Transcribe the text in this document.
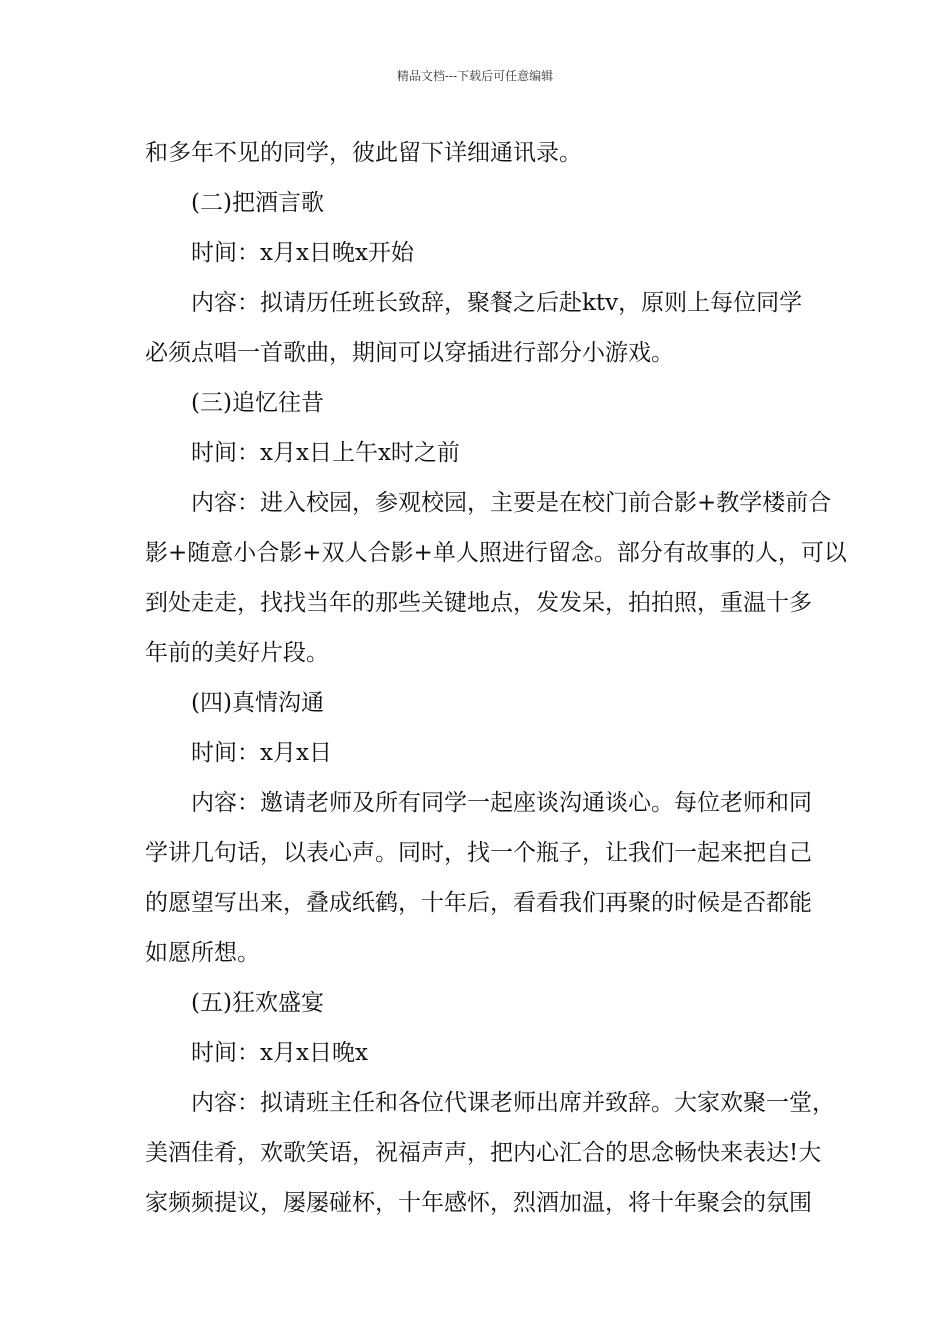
精品文档---下载后可任意编辑

和多年不见的同学，彼此留下详细通讯录。

(二)把酒言歌

时间：x月x日晚x开始

内容：拟请历任班长致辞，聚餐之后赴ktv，原则上每位同学

必须点唱一首歌曲，期间可以穿插进行部分小游戏。

(三)追忆往昔

时间：x月x日上午x时之前

内容：进入校园，参观校园，主要是在校门前合影+教学楼前合

影+随意小合影+双人合影+单人照进行留念。部分有故事的人，可以

到处走走，找找当年的那些关键地点，发发呆，拍拍照，重温十多

年前的美好片段。

(四)真情沟通

时间：x月x日

内容：邀请老师及所有同学一起座谈沟通谈心。每位老师和同

学讲几句话，以表心声。同时，找一个瓶子，让我们一起来把自己

的愿望写出来，叠成纸鹤，十年后，看看我们再聚的时候是否都能

如愿所想。

(五)狂欢盛宴

时间：x月x日晚x

内容：拟请班主任和各位代课老师出席并致辞。大家欢聚一堂，

美酒佳肴，欢歌笑语，祝福声声，把内心汇合的思念畅快来表达!大

家频频提议，屡屡碰杯，十年感怀，烈酒加温，将十年聚会的氛围
